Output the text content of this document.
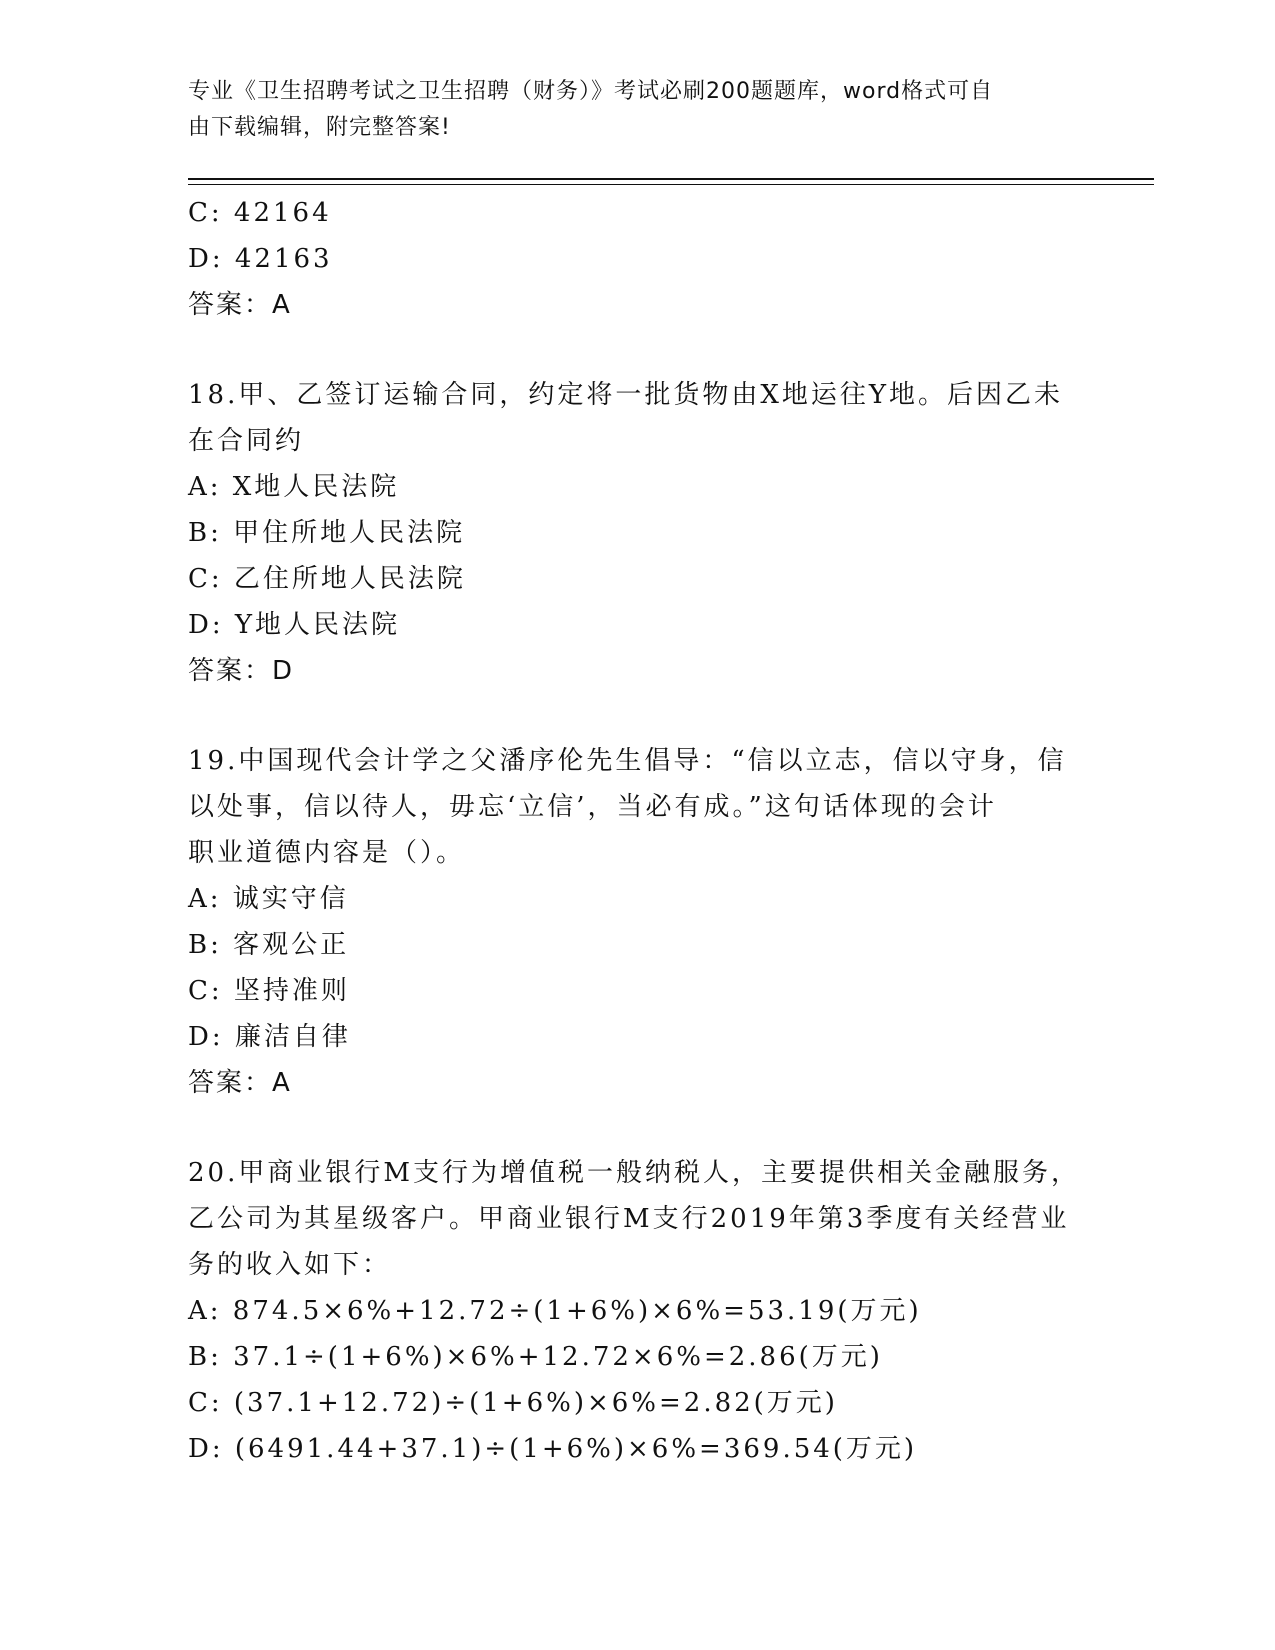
专业《卫生招聘考试之卫生招聘（财务）》考试必刷200题题库，word格式可自
由下载编辑，附完整答案!
C: 42164
D: 42163
答案：A
18.甲、乙签订运输合同，约定将一批货物由X地运往Y地。后因乙未
在合同约
A: X地人民法院
B: 甲住所地人民法院
C: 乙住所地人民法院
D: Y地人民法院
答案：D
19.中国现代会计学之父潘序伦先生倡导：“信以立志，信以守身，信
以处事，信以待人，毋忘‘立信’，当必有成。”这句话体现的会计
职业道德内容是（）。
A: 诚实守信
B: 客观公正
C: 坚持准则
D: 廉洁自律
答案：A
20.甲商业银行M支行为增值税一般纳税人，主要提供相关金融服务，
乙公司为其星级客户。甲商业银行M支行2019年第3季度有关经营业
务的收入如下：
A: 874.5×6%+12.72÷(1+6%)×6%=53.19(万元)
B: 37.1÷(1+6%)×6%+12.72×6%=2.86(万元)
C: (37.1+12.72)÷(1+6%)×6%=2.82(万元)
D: (6491.44+37.1)÷(1+6%)×6%=369.54(万元)
